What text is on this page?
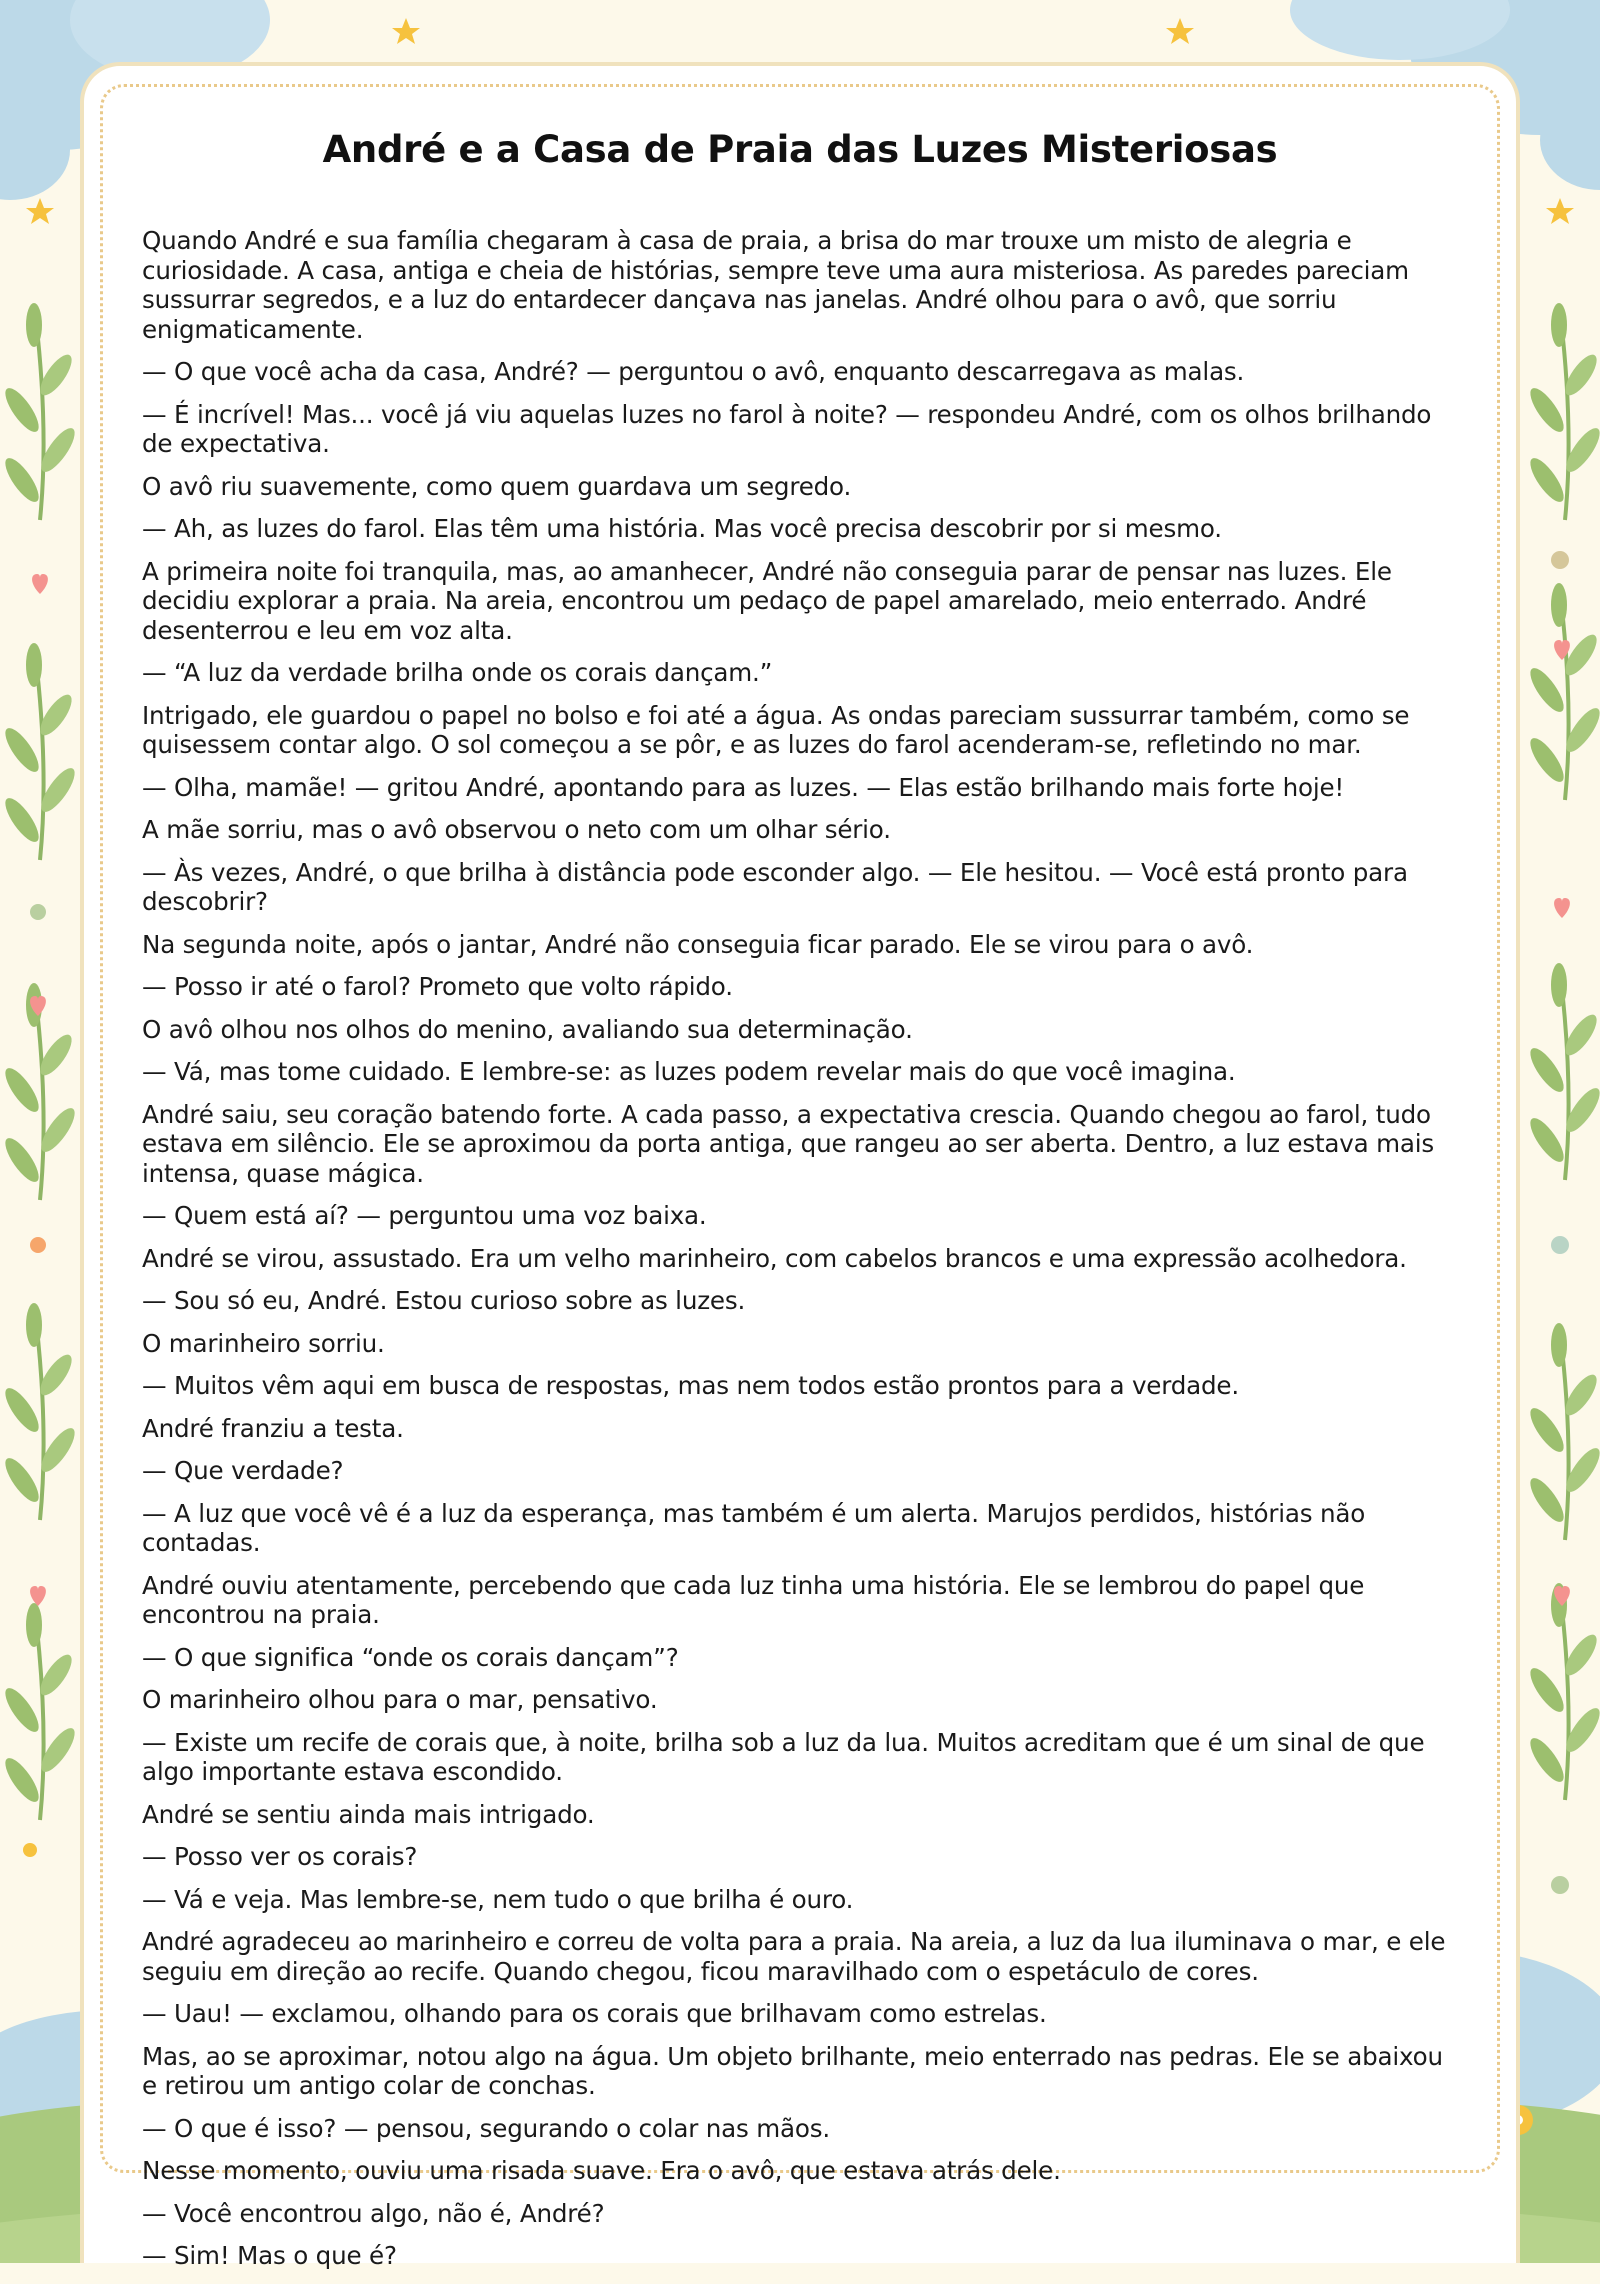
André e a Casa de Praia das Luzes Misteriosas

Quando André e sua família chegaram à casa de praia, a brisa do mar trouxe um misto de alegria e curiosidade. A casa, antiga e cheia de histórias, sempre teve uma aura misteriosa. As paredes pareciam sussurrar segredos, e a luz do entardecer dançava nas janelas. André olhou para o avô, que sorriu enigmaticamente.

— O que você acha da casa, André? — perguntou o avô, enquanto descarregava as malas.

— É incrível! Mas... você já viu aquelas luzes no farol à noite? — respondeu André, com os olhos brilhando de expectativa.

O avô riu suavemente, como quem guardava um segredo.

— Ah, as luzes do farol. Elas têm uma história. Mas você precisa descobrir por si mesmo.

A primeira noite foi tranquila, mas, ao amanhecer, André não conseguia parar de pensar nas luzes. Ele decidiu explorar a praia. Na areia, encontrou um pedaço de papel amarelado, meio enterrado. André desenterrou e leu em voz alta.

— “A luz da verdade brilha onde os corais dançam.”

Intrigado, ele guardou o papel no bolso e foi até a água. As ondas pareciam sussurrar também, como se quisessem contar algo. O sol começou a se pôr, e as luzes do farol acenderam-se, refletindo no mar.

— Olha, mamãe! — gritou André, apontando para as luzes. — Elas estão brilhando mais forte hoje!

A mãe sorriu, mas o avô observou o neto com um olhar sério.

— Às vezes, André, o que brilha à distância pode esconder algo. — Ele hesitou. — Você está pronto para descobrir?

Na segunda noite, após o jantar, André não conseguia ficar parado. Ele se virou para o avô.

— Posso ir até o farol? Prometo que volto rápido.

O avô olhou nos olhos do menino, avaliando sua determinação.

— Vá, mas tome cuidado. E lembre-se: as luzes podem revelar mais do que você imagina.

André saiu, seu coração batendo forte. A cada passo, a expectativa crescia. Quando chegou ao farol, tudo estava em silêncio. Ele se aproximou da porta antiga, que rangeu ao ser aberta. Dentro, a luz estava mais intensa, quase mágica.

— Quem está aí? — perguntou uma voz baixa.

André se virou, assustado. Era um velho marinheiro, com cabelos brancos e uma expressão acolhedora.

— Sou só eu, André. Estou curioso sobre as luzes.

O marinheiro sorriu.

— Muitos vêm aqui em busca de respostas, mas nem todos estão prontos para a verdade.

André franziu a testa.

— Que verdade?

— A luz que você vê é a luz da esperança, mas também é um alerta. Marujos perdidos, histórias não contadas.

André ouviu atentamente, percebendo que cada luz tinha uma história. Ele se lembrou do papel que encontrou na praia.

— O que significa “onde os corais dançam”?

O marinheiro olhou para o mar, pensativo.

— Existe um recife de corais que, à noite, brilha sob a luz da lua. Muitos acreditam que é um sinal de que algo importante estava escondido.

André se sentiu ainda mais intrigado.

— Posso ver os corais?

— Vá e veja. Mas lembre-se, nem tudo o que brilha é ouro.

André agradeceu ao marinheiro e correu de volta para a praia. Na areia, a luz da lua iluminava o mar, e ele seguiu em direção ao recife. Quando chegou, ficou maravilhado com o espetáculo de cores.

— Uau! — exclamou, olhando para os corais que brilhavam como estrelas.

Mas, ao se aproximar, notou algo na água. Um objeto brilhante, meio enterrado nas pedras. Ele se abaixou e retirou um antigo colar de conchas.

— O que é isso? — pensou, segurando o colar nas mãos.

Nesse momento, ouviu uma risada suave. Era o avô, que estava atrás dele.

— Você encontrou algo, não é, André?

— Sim! Mas o que é?
